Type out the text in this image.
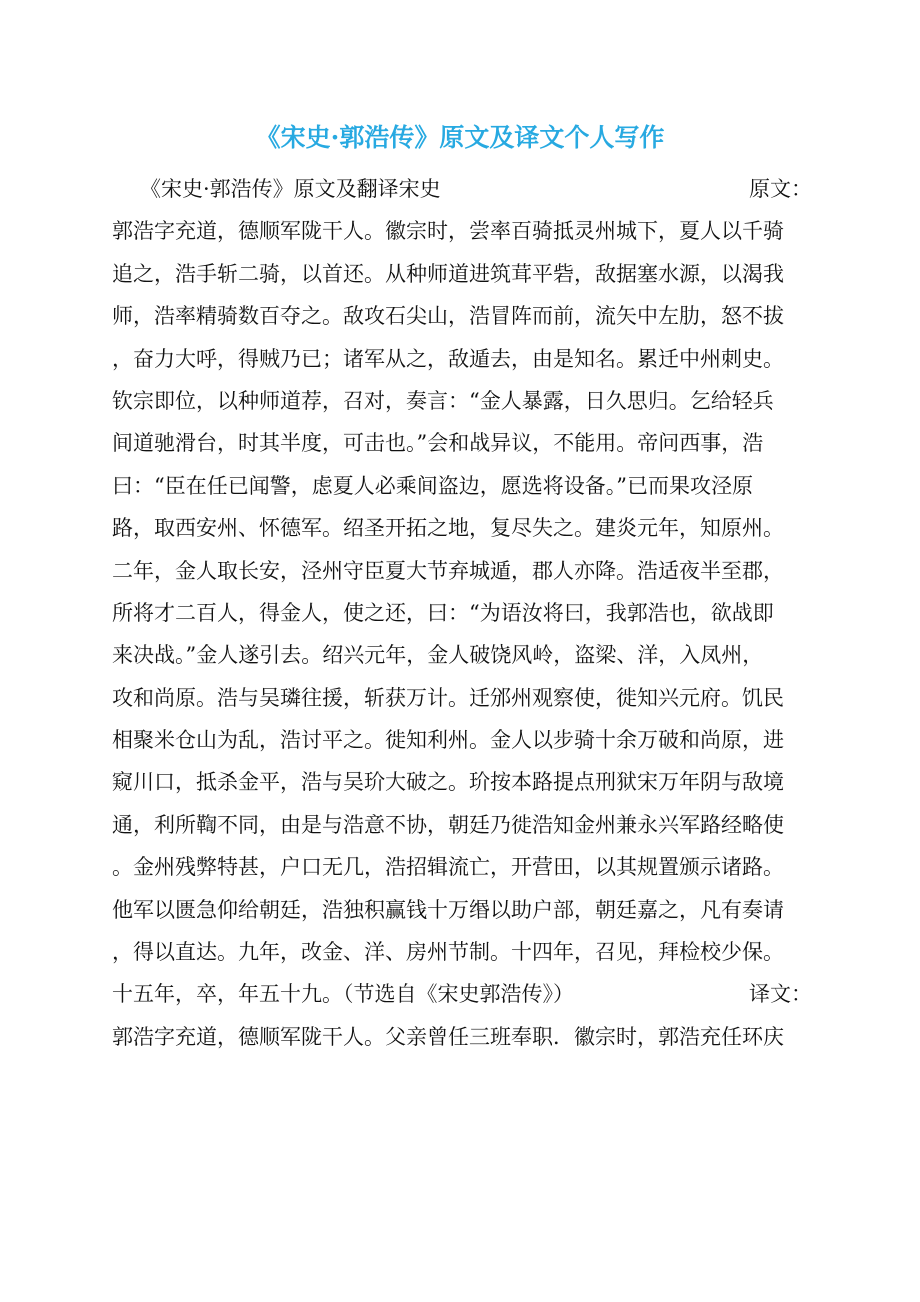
《宋史·郭浩传》原文及译文个人写作
《宋史·郭浩传》原文及翻译宋史	原文：
郭浩字充道，德顺军陇干人。徽宗时，尝率百骑抵灵州城下，夏人以千骑
追之，浩手斩二骑，以首还。从种师道进筑茸平砦，敌据塞水源，以渴我
师，浩率精骑数百夺之。敌攻石尖山，浩冒阵而前，流矢中左肋，怒不拔
，奋力大呼，得贼乃已；诸军从之，敌遁去，由是知名。累迁中州刺史。
钦宗即位，以种师道荐，召对，奏言：“金人暴露，日久思归。乞给轻兵
间道驰滑台，时其半度，可击也。”会和战异议，不能用。帝问西事，浩
曰：“臣在任已闻警，虑夏人必乘间盗边，愿选将设备。”已而果攻泾原
路，取西安州、怀德军。绍圣开拓之地，复尽失之。建炎元年，知原州。
二年，金人取长安，泾州守臣夏大节弃城遁，郡人亦降。浩适夜半至郡，
所将才二百人，得金人，使之还，曰：“为语汝将曰，我郭浩也，欲战即
来决战。”金人遂引去。绍兴元年，金人破饶风岭，盗梁、洋，入凤州，
攻和尚原。浩与吴璘往援，斩获万计。迁邠州观察使，徙知兴元府。饥民
相聚米仓山为乱，浩讨平之。徙知利州。金人以步骑十余万破和尚原，进
窥川口，抵杀金平，浩与吴玠大破之。玠按本路提点刑狱宋万年阴与敌境
通，利所鞫不同，由是与浩意不协，朝廷乃徙浩知金州兼永兴军路经略使
。金州残弊特甚，户口无几，浩招辑流亡，开营田，以其规置颁示诸路。
他军以匮急仰给朝廷，浩独积赢钱十万缗以助户部，朝廷嘉之，凡有奏请
，得以直达。九年，改金、洋、房州节制。十四年，召见，拜检校少保。
十五年，卒，年五十九。（节选自《宋史郭浩传》）	译文：
郭浩字充道，德顺军陇干人。父亲曾任三班奉职．徽宗时，郭浩充任环庆
